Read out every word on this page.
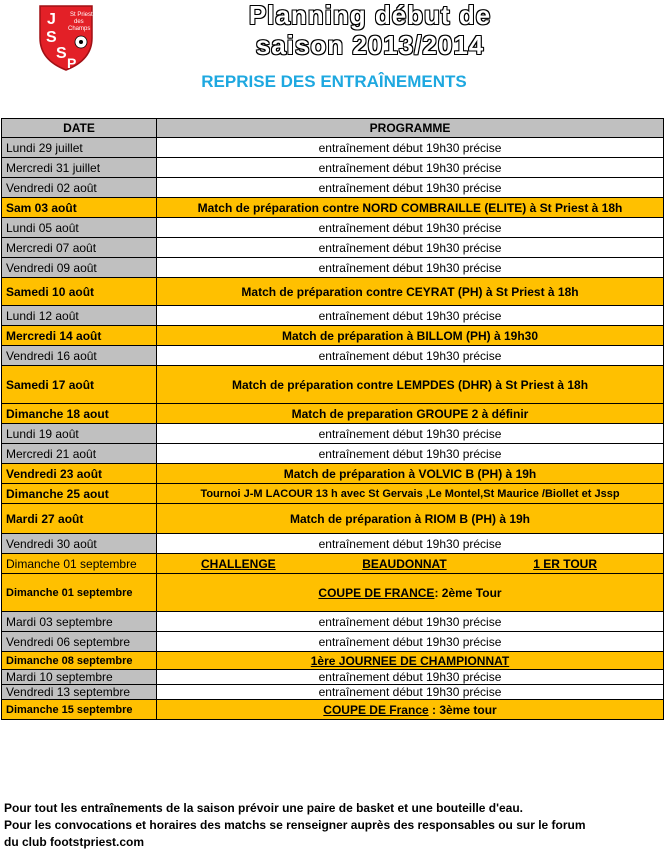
J
S
S
P
St Priest
des
Champs	Planning début de
saison 2013/2014
REPRISE DES ENTRAÎNEMENTS
DATE	PROGRAMME
Lundi 29 juillet	entraînement début 19h30 précise
Mercredi 31 juillet	entraînement début 19h30 précise
Vendredi 02 août	entraînement début 19h30 précise
Sam 03 août	Match de préparation contre NORD COMBRAILLE (ELITE) à St Priest à 18h
Lundi 05 août	entraînement début 19h30 précise
Mercredi 07 août	entraînement début 19h30 précise
Vendredi 09 août	entraînement début 19h30 précise
Samedi 10 août	Match de préparation contre CEYRAT (PH) à St Priest à 18h
Lundi 12 août	entraînement début 19h30 précise
Mercredi 14 août	Match de préparation à BILLOM (PH) à 19h30
Vendredi 16 août	entraînement début 19h30 précise
Samedi 17 août	Match de préparation contre LEMPDES (DHR) à St Priest à 18h
Dimanche 18 aout	Match de preparation GROUPE 2 à définir
Lundi 19 août	entraînement début 19h30 précise
Mercredi 21 août	entraînement début 19h30 précise
Vendredi 23 août	Match de préparation à VOLVIC B (PH) à 19h
Dimanche 25 aout	Tournoi J-M LACOUR 13 h avec St Gervais ,Le Montel,St Maurice /Biollet et Jssp
Mardi 27 août	Match de préparation à RIOM B (PH) à 19h
Vendredi 30 août	entraînement début 19h30 précise
Dimanche 01 septembre	CHALLENGE BEAUDONNAT 1 ER TOUR

Dimanche 01 septembre	COUPE DE FRANCE: 2ème Tour
Mardi 03 septembre	entraînement début 19h30 précise
Vendredi 06 septembre	entraînement début 19h30 précise
Dimanche 08 septembre	1ère JOURNEE DE CHAMPIONNAT
Mardi 10 septembre	entraînement début 19h30 précise
Vendredi 13 septembre	entraînement début 19h30 précise
Dimanche 15 septembre	COUPE DE France : 3ème tour
Pour tout les entraînements de la saison prévoir une paire de basket et une bouteille d'eau.
Pour les convocations et horaires des matchs se renseigner auprès des responsables ou sur le forum
du club footstpriest.com
